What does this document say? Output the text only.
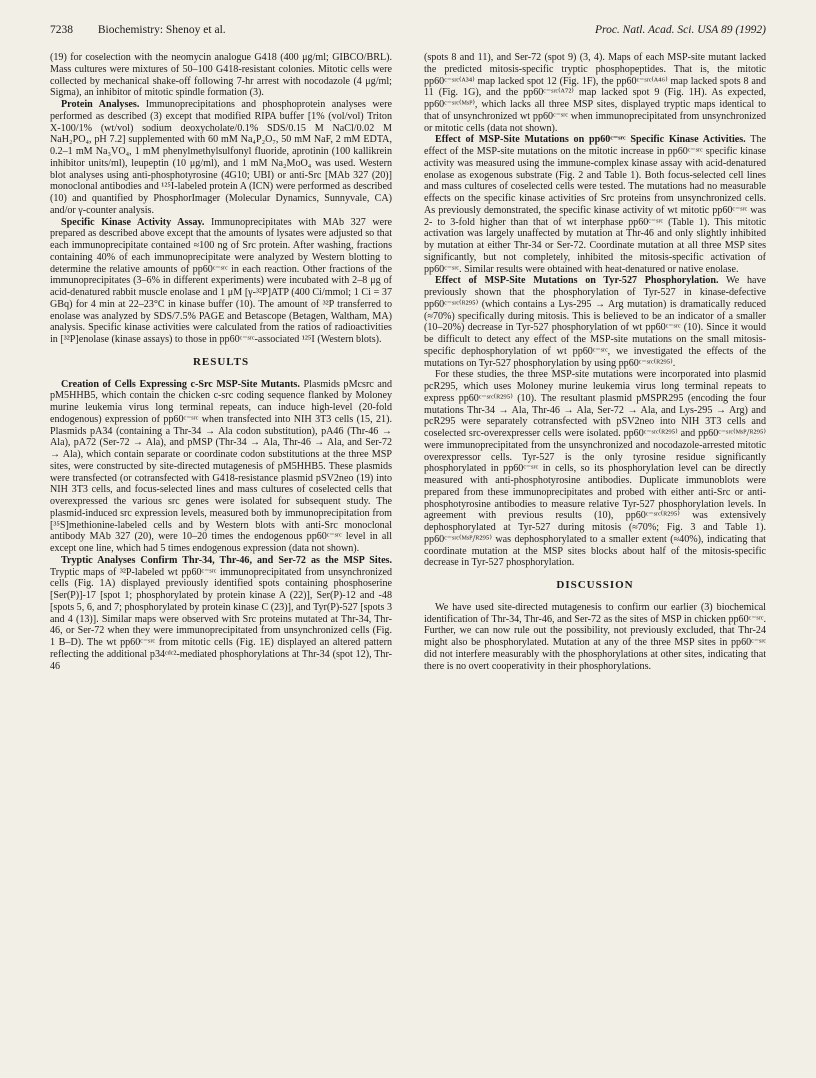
7238 Biochemistry: Shenoy et al.	Proc. Natl. Acad. Sci. USA 89 (1992)

(19) for coselection with the neomycin analogue G418 (400 μg/ml; GIBCO/BRL). Mass cultures were mixtures of 50–100 G418-resistant colonies. Mitotic cells were collected by mechanical shake-off following 7-hr arrest with nocodazole (4 μg/ml; Sigma), an inhibitor of mitotic spindle formation (3).

Protein Analyses. Immunoprecipitations and phosphoprotein analyses were performed as described (3) except that modified RIPA buffer [1% (vol/vol) Triton X-100/1% (wt/vol) sodium deoxycholate/0.1% SDS/0.15 M NaCl/0.02 M NaH₂PO₄, pH 7.2] supplemented with 60 mM Na₄P₂O₇, 50 mM NaF, 2 mM EDTA, 0.2–1 mM Na₃VO₄, 1 mM phenylmethylsulfonyl fluoride, aprotinin (100 kallikrein inhibitor units/ml), leupeptin (10 μg/ml), and 1 mM Na₂MoO₄ was used. Western blot analyses using anti-phosphotyrosine (4G10; UBI) or anti-Src [MAb 327 (20)] monoclonal antibodies and ¹²⁵I-labeled protein A (ICN) were performed as described (10) and quantified by PhosphorImager (Molecular Dynamics, Sunnyvale, CA) and/or γ-counter analysis.

Specific Kinase Activity Assay. Immunoprecipitates with MAb 327 were prepared as described above except that the amounts of lysates were adjusted so that each immunoprecipitate contained ≈100 ng of Src protein. After washing, fractions containing 40% of each immunoprecipitate were analyzed by Western blotting to determine the relative amounts of pp60ᶜ⁻ˢʳᶜ in each reaction. Other fractions of the immunoprecipitates (3–6% in different experiments) were incubated with 2–8 μg of acid-denatured rabbit muscle enolase and 1 μM [γ-³²P]ATP (400 Ci/mmol; 1 Ci = 37 GBq) for 4 min at 22–23°C in kinase buffer (10). The amount of ³²P transferred to enolase was analyzed by SDS/7.5% PAGE and Betascope (Betagen, Waltham, MA) analysis. Specific kinase activities were calculated from the ratios of radioactivities in [³²P]enolase (kinase assays) to those in pp60ᶜ⁻ˢʳᶜ-associated ¹²⁵I (Western blots).

RESULTS

Creation of Cells Expressing c-Src MSP-Site Mutants. Plasmids pMcsrc and pM5HHB5, which contain the chicken c-src coding sequence flanked by Moloney murine leukemia virus long terminal repeats, can induce high-level (20-fold endogenous) expression of pp60ᶜ⁻ˢʳᶜ when transfected into NIH 3T3 cells (15, 21). Plasmids pA34 (containing a Thr-34 → Ala codon substitution), pA46 (Thr-46 → Ala), pA72 (Ser-72 → Ala), and pMSP (Thr-34 → Ala, Thr-46 → Ala, and Ser-72 → Ala), which contain separate or coordinate codon substitutions at the three MSP sites, were constructed by site-directed mutagenesis of pM5HHB5. These plasmids were transfected (or cotransfected with G418-resistance plasmid pSV2neo (19) into NIH 3T3 cells, and focus-selected lines and mass cultures of coselected cells that overexpressed the various src genes were isolated for subsequent study. The plasmid-induced src expression levels, measured both by immunoprecipitation from [³⁵S]methionine-labeled cells and by Western blots with anti-Src monoclonal antibody MAb 327 (20), were 10–20 times the endogenous pp60ᶜ⁻ˢʳᶜ level in all except one line, which had 5 times endogenous expression (data not shown).

Tryptic Analyses Confirm Thr-34, Thr-46, and Ser-72 as the MSP Sites. Tryptic maps of ³²P-labeled wt pp60ᶜ⁻ˢʳᶜ immunoprecipitated from unsynchronized cells (Fig. 1A) displayed previously identified spots containing phosphoserine [Ser(P)]-17 [spot 1; phosphorylated by protein kinase A (22)], Ser(P)-12 and -48 [spots 5, 6, and 7; phosphorylated by protein kinase C (23)], and Tyr(P)-527 [spots 3 and 4 (13)]. Similar maps were observed with Src proteins mutated at Thr-34, Thr-46, or Ser-72 when they were immunoprecipitated from unsynchronized cells (Fig. 1 B–D). The wt pp60ᶜ⁻ˢʳᶜ from mitotic cells (Fig. 1E) displayed an altered pattern reflecting the additional p34ᶜᵈᶜ²-mediated phosphorylations at Thr-34 (spot 12), Thr-46

(spots 8 and 11), and Ser-72 (spot 9) (3, 4). Maps of each MSP-site mutant lacked the predicted mitosis-specific tryptic phosphopeptides. That is, the mitotic pp60ᶜ⁻ˢʳᶜ⁽ᴬ³⁴⁾ map lacked spot 12 (Fig. 1F), the pp60ᶜ⁻ˢʳᶜ⁽ᴬ⁴⁶⁾ map lacked spots 8 and 11 (Fig. 1G), and the pp60ᶜ⁻ˢʳᶜ⁽ᴬ⁷²⁾ map lacked spot 9 (Fig. 1H). As expected, pp60ᶜ⁻ˢʳᶜ⁽ᴹˢᴾ⁾, which lacks all three MSP sites, displayed tryptic maps identical to that of unsynchronized wt pp60ᶜ⁻ˢʳᶜ when immunoprecipitated from unsynchronized or mitotic cells (data not shown).

Effect of MSP-Site Mutations on pp60ᶜ⁻ˢʳᶜ Specific Kinase Activities. The effect of the MSP-site mutations on the mitotic increase in pp60ᶜ⁻ˢʳᶜ specific kinase activity was measured using the immune-complex kinase assay with acid-denatured enolase as exogenous substrate (Fig. 2 and Table 1). Both focus-selected cell lines and mass cultures of coselected cells were tested. The mutations had no measurable effects on the specific kinase activities of Src proteins from unsynchronized cells. As previously demonstrated, the specific kinase activity of wt mitotic pp60ᶜ⁻ˢʳᶜ was 2- to 3-fold higher than that of wt interphase pp60ᶜ⁻ˢʳᶜ (Table 1). This mitotic activation was largely unaffected by mutation at Thr-46 and only slightly inhibited by mutation at either Thr-34 or Ser-72. Coordinate mutation at all three MSP sites significantly, but not completely, inhibited the mitosis-specific activation of pp60ᶜ⁻ˢʳᶜ. Similar results were obtained with heat-denatured or native enolase.

Effect of MSP-Site Mutations on Tyr-527 Phosphorylation. We have previously shown that the phosphorylation of Tyr-527 in kinase-defective pp60ᶜ⁻ˢʳᶜ⁽ᴿ²⁹⁵⁾ (which contains a Lys-295 → Arg mutation) is dramatically reduced (≈70%) specifically during mitosis. This is believed to be an indicator of a smaller (10–20%) decrease in Tyr-527 phosphorylation of wt pp60ᶜ⁻ˢʳᶜ (10). Since it would be difficult to detect any effect of the MSP-site mutations on the small mitosis-specific dephosphorylation of wt pp60ᶜ⁻ˢʳᶜ, we investigated the effects of the mutations on Tyr-527 phosphorylation by using pp60ᶜ⁻ˢʳᶜ⁽ᴿ²⁹⁵⁾.

For these studies, the three MSP-site mutations were incorporated into plasmid pcR295, which uses Moloney murine leukemia virus long terminal repeats to express pp60ᶜ⁻ˢʳᶜ⁽ᴿ²⁹⁵⁾ (10). The resultant plasmid pMSPR295 (encoding the four mutations Thr-34 → Ala, Thr-46 → Ala, Ser-72 → Ala, and Lys-295 → Arg) and pcR295 were separately cotransfected with pSV2neo into NIH 3T3 cells and coselected src-overexpresser cells were isolated. pp60ᶜ⁻ˢʳᶜ⁽ᴿ²⁹⁵⁾ and pp60ᶜ⁻ˢʳᶜ⁽ᴹˢᴾ/ᴿ²⁹⁵⁾ were immunoprecipitated from the unsynchronized and nocodazole-arrested mitotic overexpressor cells. Tyr-527 is the only tyrosine residue significantly phosphorylated in pp60ᶜ⁻ˢʳᶜ in cells, so its phosphorylation level can be directly measured with anti-phosphotyrosine antibodies. Duplicate immunoblots were prepared from these immunoprecipitates and probed with either anti-Src or anti-phosphotyrosine antibodies to measure relative Tyr-527 phosphorylation levels. In agreement with previous results (10), pp60ᶜ⁻ˢʳᶜ⁽ᴿ²⁹⁵⁾ was extensively dephosphorylated at Tyr-527 during mitosis (≈70%; Fig. 3 and Table 1). pp60ᶜ⁻ˢʳᶜ⁽ᴹˢᴾ/ᴿ²⁹⁵⁾ was dephosphorylated to a smaller extent (≈40%), indicating that coordinate mutation at the MSP sites blocks about half of the mitosis-specific decrease in Tyr-527 phosphorylation.

DISCUSSION

We have used site-directed mutagenesis to confirm our earlier (3) biochemical identification of Thr-34, Thr-46, and Ser-72 as the sites of MSP in chicken pp60ᶜ⁻ˢʳᶜ. Further, we can now rule out the possibility, not previously excluded, that Thr-24 might also be phosphorylated. Mutation at any of the three MSP sites in pp60ᶜ⁻ˢʳᶜ did not interfere measurably with the phosphorylations at other sites, indicating that there is no overt cooperativity in their phosphorylations.
